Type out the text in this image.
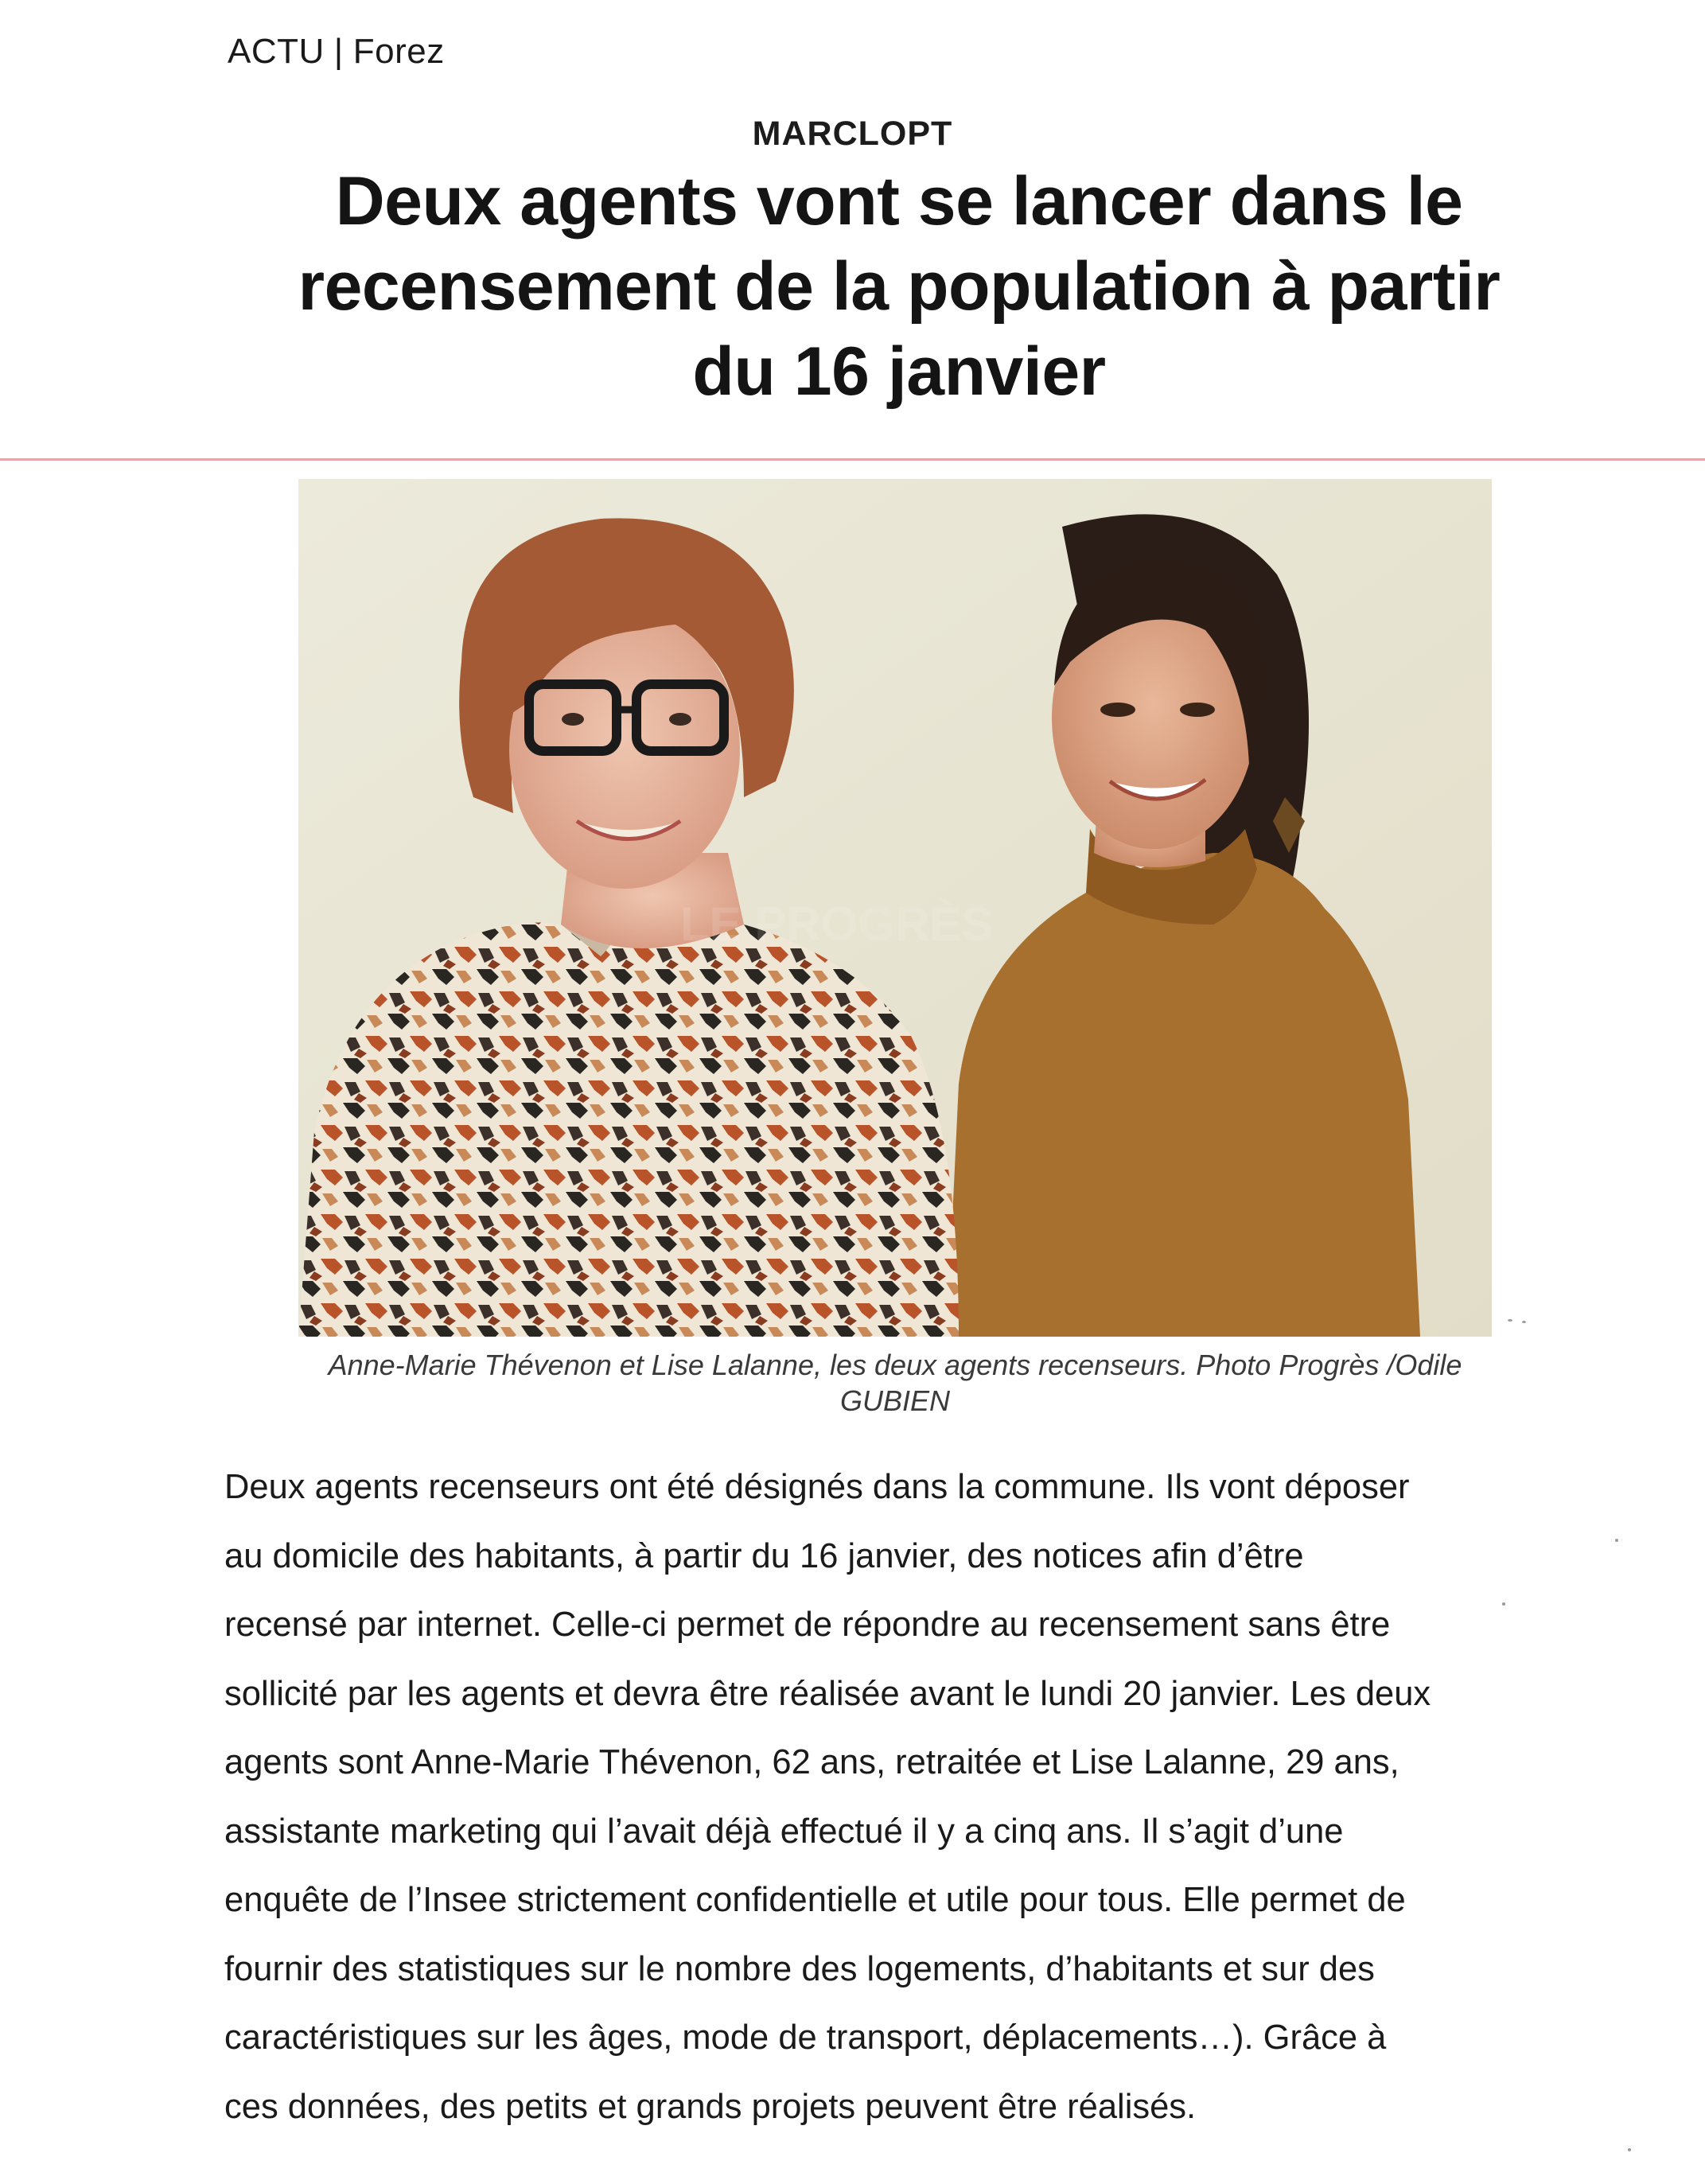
ACTU | Forez
MARCLOPT
Deux agents vont se lancer dans le
recensement de la population à partir
du 16 janvier
LE PROGRÈS
Anne-Marie Thévenon et Lise Lalanne, les deux agents recenseurs. Photo Progrès /Odile
GUBIEN
Deux agents recenseurs ont été désignés dans la commune. Ils vont déposer
au domicile des habitants, à partir du 16 janvier, des notices afin d’être
recensé par internet. Celle-ci permet de répondre au recensement sans être
sollicité par les agents et devra être réalisée avant le lundi 20 janvier. Les deux
agents sont Anne-Marie Thévenon, 62 ans, retraitée et Lise Lalanne, 29 ans,
assistante marketing qui l’avait déjà effectué il y a cinq ans. Il s’agit d’une
enquête de l’Insee strictement confidentielle et utile pour tous. Elle permet de
fournir des statistiques sur le nombre des logements, d’habitants et sur des
caractéristiques sur les âges, mode de transport, déplacements…). Grâce à
ces données, des petits et grands projets peuvent être réalisés.
